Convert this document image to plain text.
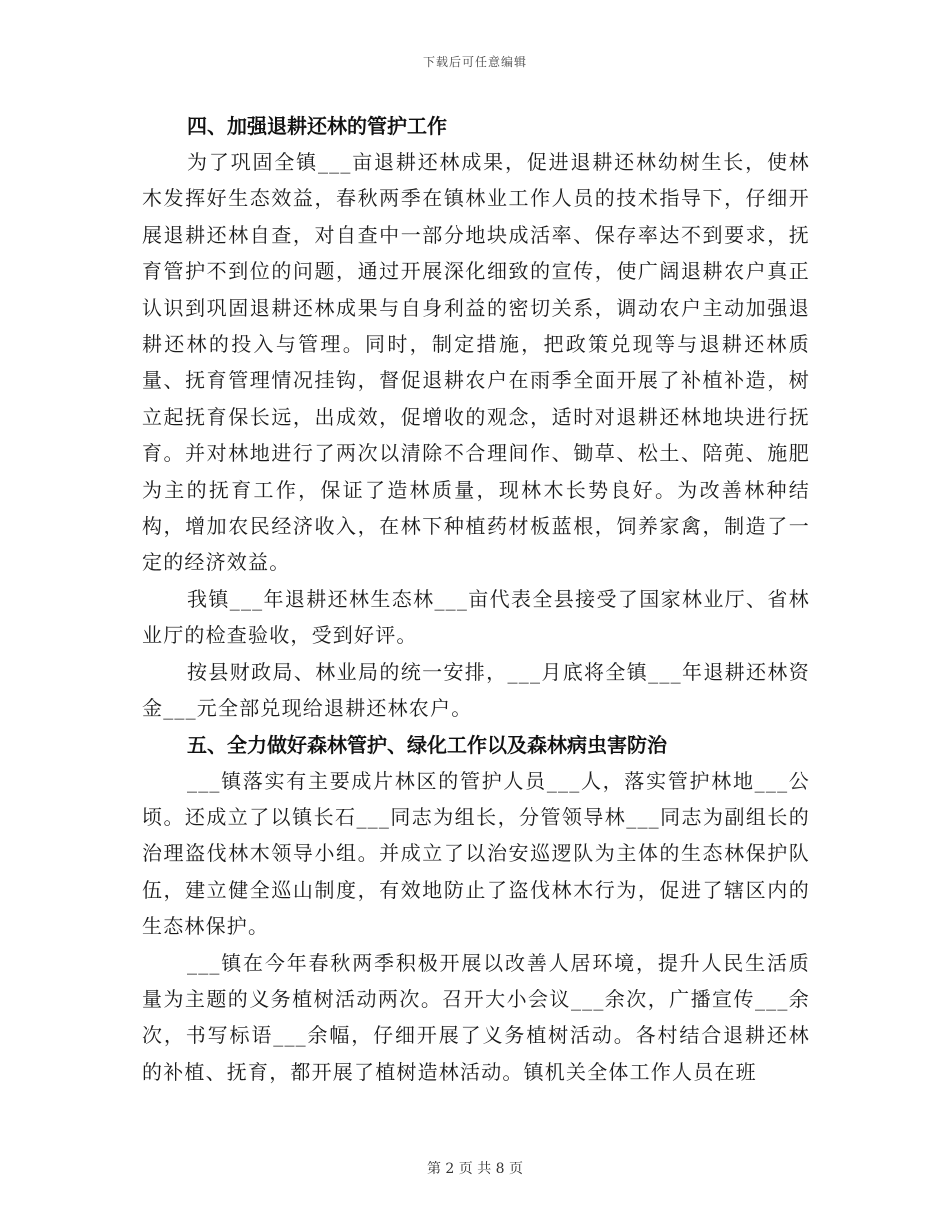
下载后可任意编辑
四、加强退耕还林的管护工作

为了巩固全镇___亩退耕还林成果，促进退耕还林幼树生长，使林木发挥好生态效益，春秋两季在镇林业工作人员的技术指导下，仔细开展退耕还林自查，对自查中一部分地块成活率、保存率达不到要求，抚育管护不到位的问题，通过开展深化细致的宣传，使广阔退耕农户真正认识到巩固退耕还林成果与自身利益的密切关系，调动农户主动加强退耕还林的投入与管理。同时，制定措施，把政策兑现等与退耕还林质量、抚育管理情况挂钩，督促退耕农户在雨季全面开展了补植补造，树立起抚育保长远，出成效，促增收的观念，适时对退耕还林地块进行抚育。并对林地进行了两次以清除不合理间作、锄草、松土、陪蔸、施肥为主的抚育工作，保证了造林质量，现林木长势良好。为改善林种结构，增加农民经济收入，在林下种植药材板蓝根，饲养家禽，制造了一定的经济效益。

我镇___年退耕还林生态林___亩代表全县接受了国家林业厅、省林业厅的检查验收，受到好评。

按县财政局、林业局的统一安排，___月底将全镇___年退耕还林资金___元全部兑现给退耕还林农户。

五、全力做好森林管护、绿化工作以及森林病虫害防治

___镇落实有主要成片林区的管护人员___人，落实管护林地___公顷。还成立了以镇长石___同志为组长，分管领导林___同志为副组长的治理盗伐林木领导小组。并成立了以治安巡逻队为主体的生态林保护队伍，建立健全巡山制度，有效地防止了盗伐林木行为，促进了辖区内的生态林保护。

___镇在今年春秋两季积极开展以改善人居环境，提升人民生活质量为主题的义务植树活动两次。召开大小会议___余次，广播宣传___余次，书写标语___余幅，仔细开展了义务植树活动。各村结合退耕还林的补植、抚育，都开展了植树造林活动。镇机关全体工作人员在班

第 2 页 共 8 页
